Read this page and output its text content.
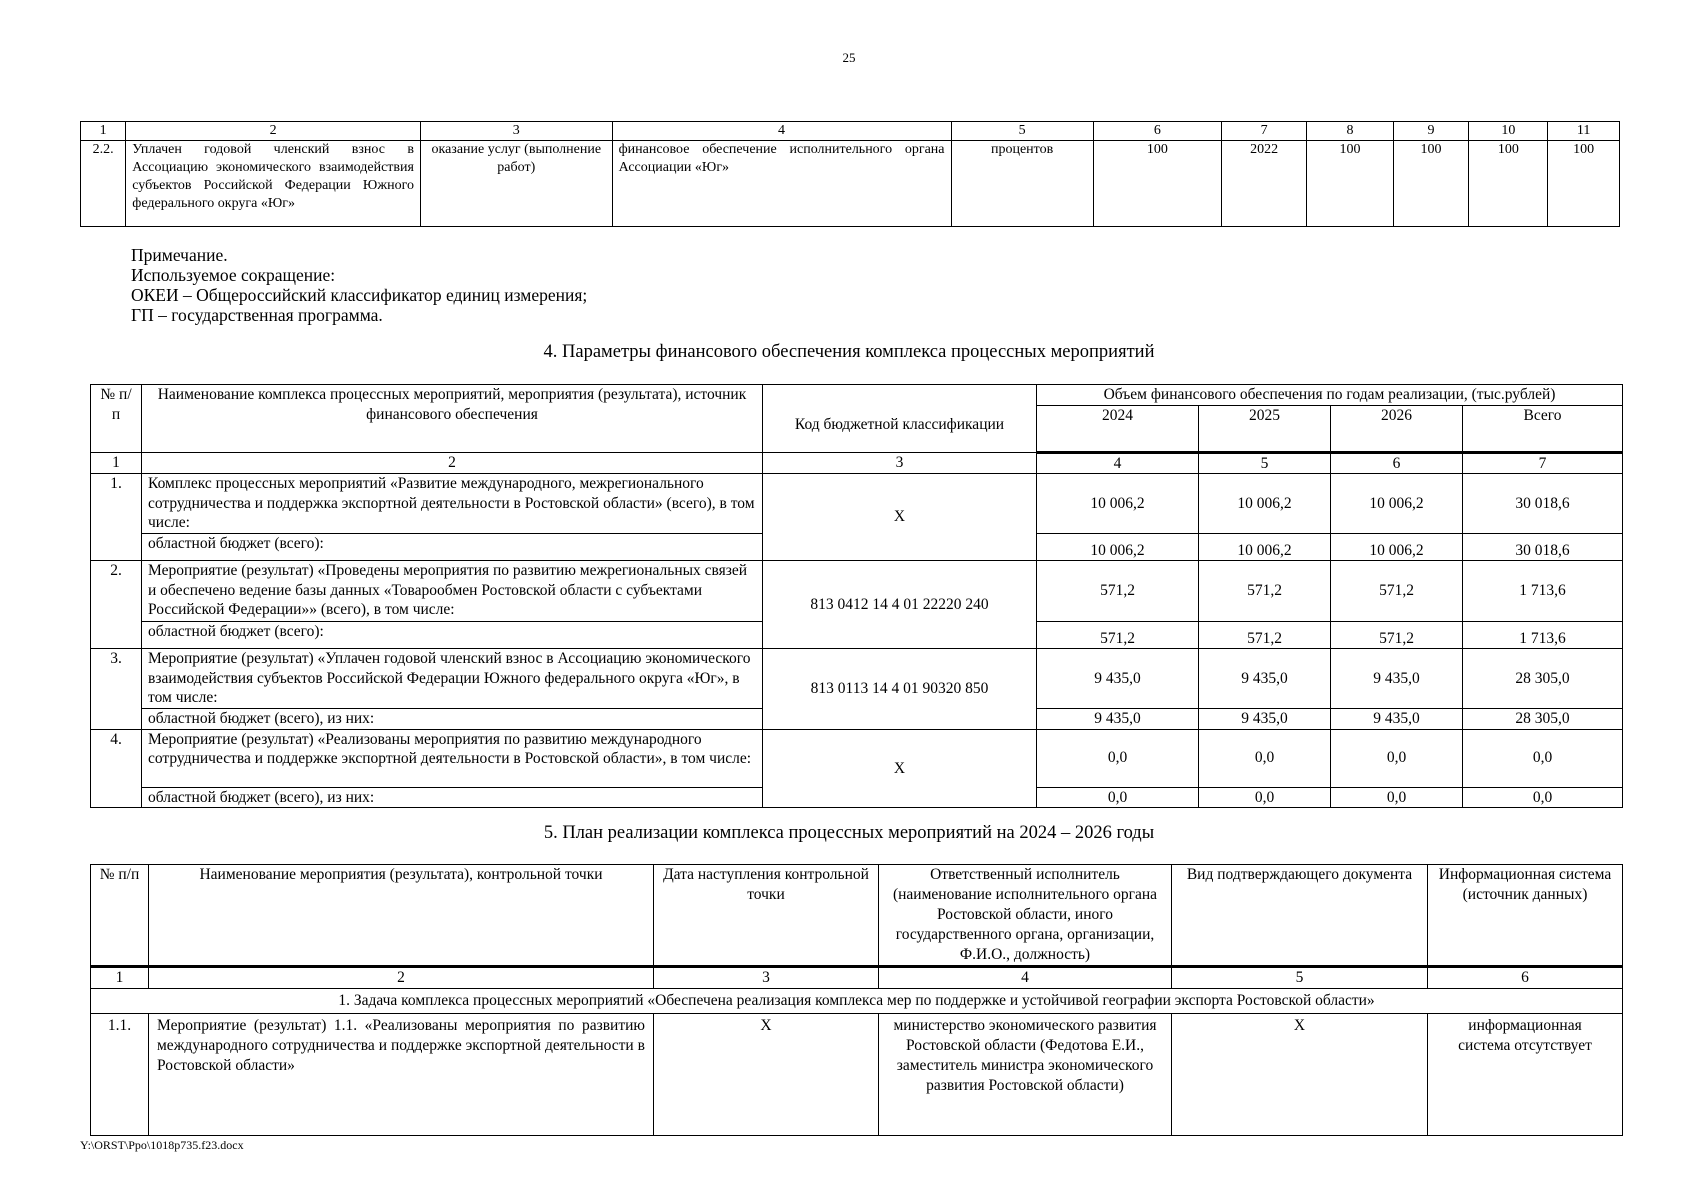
25
1	2	3	4	5	6	7	8	9	10	11
2.2.	Уплачен годовой членский взнос в Ассоциацию экономического взаимодействия субъектов Российской Федерации Южного федерального округа «Юг»	оказание услуг (выполнение работ)	финансовое обеспечение исполнительного органа Ассоциации «Юг»	процентов	100	2022	100	100	100	100
Примечание.
Используемое сокращение:
ОКЕИ – Общероссийский классификатор единиц измерения;
ГП – государственная программа.
4. Параметры финансового обеспечения комплекса процессных мероприятий
№ п/п	Наименование комплекса процессных мероприятий, мероприятия (результата), источник финансового обеспечения	Код бюджетной классификации	Объем финансового обеспечения по годам реализации, (тыс.рублей)			
			2024	2025	2026	Всего
1	2	3	4	5	6	7
1.	Комплекс процессных мероприятий «Развитие международного, межрегионального сотрудничества и поддержка экспортной деятельности в Ростовской области» (всего), в том числе:	Х	10 006,2	10 006,2	10 006,2	30 018,6
	областной бюджет (всего):		10 006,2	10 006,2	10 006,2	30 018,6
2.	Мероприятие (результат) «Проведены мероприятия по развитию межрегиональных связей и обеспечено ведение базы данных «Товарообмен Ростовской области с субъектами Российской Федерации»» (всего), в том числе:	813 0412 14 4 01 22220 240	571,2	571,2	571,2	1 713,6
	областной бюджет (всего):		571,2	571,2	571,2	1 713,6
3.	Мероприятие (результат) «Уплачен годовой членский взнос в Ассоциацию экономического взаимодействия субъектов Российской Федерации Южного федерального округа «Юг», в том числе:	813 0113 14 4 01 90320 850	9 435,0	9 435,0	9 435,0	28 305,0
	областной бюджет (всего), из них:		9 435,0	9 435,0	9 435,0	28 305,0
4.	Мероприятие (результат) «Реализованы мероприятия по развитию международного сотрудничества и поддержке экспортной деятельности в Ростовской области», в том числе:	Х	0,0	0,0	0,0	0,0
	областной бюджет (всего), из них:		0,0	0,0	0,0	0,0
5. План реализации комплекса процессных мероприятий на 2024 – 2026 годы
№ п/п	Наименование мероприятия (результата), контрольной точки	Дата наступления контрольной точки	Ответственный исполнитель (наименование исполнительного органа Ростовской области, иного государственного органа, организации, Ф.И.О., должность)	Вид подтверждающего документа	Информационная система (источник данных)
1	2	3	4	5	6
1. Задача комплекса процессных мероприятий «Обеспечена реализация комплекса мер по поддержке и устойчивой географии экспорта Ростовской области»					
1.1.	Мероприятие (результат) 1.1. «Реализованы мероприятия по развитию международного сотрудничества и поддержке экспортной деятельности в Ростовской области»	Х	министерство экономического развития Ростовской области (Федотова Е.И., заместитель министра экономического развития Ростовской области)	Х	информационная система отсутствует
Y:\ORST\Ppo\1018p735.f23.docx
